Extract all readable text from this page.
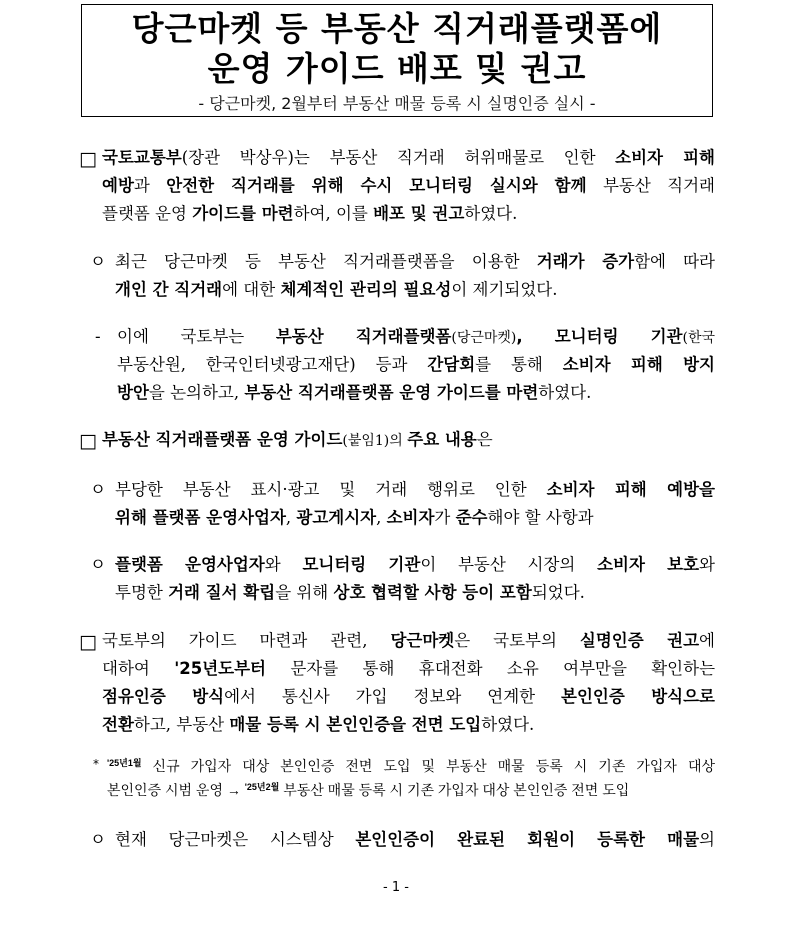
당근마켓 등 부동산 직거래플랫폼에
운영 가이드 배포 및 권고
- 당근마켓, 2월부터 부동산 매물 등록 시 실명인증 실시 -
□ 국토교통부(장관 박상우)는 부동산 직거래 허위매물로 인한 소비자 피해
예방과 안전한 직거래를 위해 수시 모니터링 실시와 함께 부동산 직거래
플랫폼 운영 가이드를 마련하여, 이를 배포 및 권고하였다.
ㅇ 최근 당근마켓 등 부동산 직거래플랫폼을 이용한 거래가 증가함에 따라
개인 간 직거래에 대한 체계적인 관리의 필요성이 제기되었다.
- 이에 국토부는 부동산 직거래플랫폼(당근마켓), 모니터링 기관(한국
부동산원, 한국인터넷광고재단) 등과 간담회를 통해 소비자 피해 방지
방안을 논의하고, 부동산 직거래플랫폼 운영 가이드를 마련하였다.
□ 부동산 직거래플랫폼 운영 가이드(붙임1)의 주요 내용은
ㅇ 부당한 부동산 표시·광고 및 거래 행위로 인한 소비자 피해 예방을
위해 플랫폼 운영사업자, 광고게시자, 소비자가 준수해야 할 사항과
ㅇ 플랫폼 운영사업자와 모니터링 기관이 부동산 시장의 소비자 보호와
투명한 거래 질서 확립을 위해 상호 협력할 사항 등이 포함되었다.
□ 국토부의 가이드 마련과 관련, 당근마켓은 국토부의 실명인증 권고에
대하여 '25년도부터 문자를 통해 휴대전화 소유 여부만을 확인하는
점유인증 방식에서 통신사 가입 정보와 연계한 본인인증 방식으로
전환하고, 부동산 매물 등록 시 본인인증을 전면 도입하였다.
* $^{'25년1월}$ 신규 가입자 대상 본인인증 전면 도입 및 부동산 매물 등록 시 기존 가입자 대상
본인인증 시범 운영 → $^{'25년2월}$ 부동산 매물 등록 시 기존 가입자 대상 본인인증 전면 도입
ㅇ 현재 당근마켓은 시스템상 본인인증이 완료된 회원이 등록한 매물의
- 1 -
